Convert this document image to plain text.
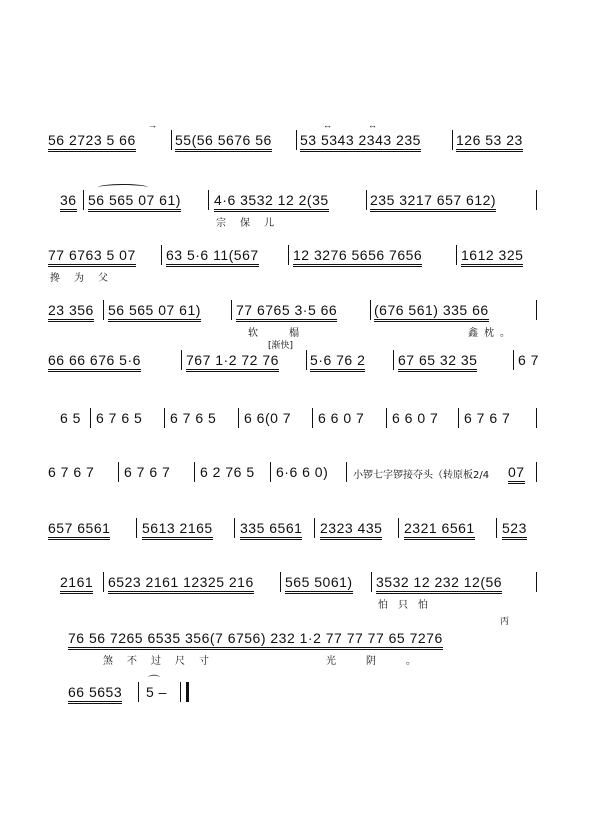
56 2723 5 66	55(56 5676 56 53 5343 2343 235	126 53 23
→	↔	↔
36 56 565 07 61) 4·6 3532 12 2(35	235 3217 657 612)
宗保儿
77 6763 5 07 63 5·6 11(567 12 3276 5656 7656	1612 325
搀为父
23 356 56 565 07 61)	77 6765 3·5 66	(676 561) 335 66
软 榻	鑫枕。
[渐快]
66 66 676 5·6	767 1·2 72 76 5·6 76 2 67 65 32 35	6 7
6 5 6 7 6 5 6 7 6 5 6 6(0 7 6 6 0 7 6 6 0 7 6 7 6 7
6 7 6 7 6 7 6 7 6 2 76 5 6·6 6 0) 小锣七字锣接夺头（转原板2/4 07
657 6561 5613 2165 335 6561 2323 435 2321 6561 523
2161 6523 2161 12325 216 565 5061) 3532 12 232 12(56
怕只怕
丙
76 56 7265 6535 356(7 6756) 232 1·2 77 77 77 65 7276
煞不过尺寸	光阴。
66 5653
⌒
5 –
